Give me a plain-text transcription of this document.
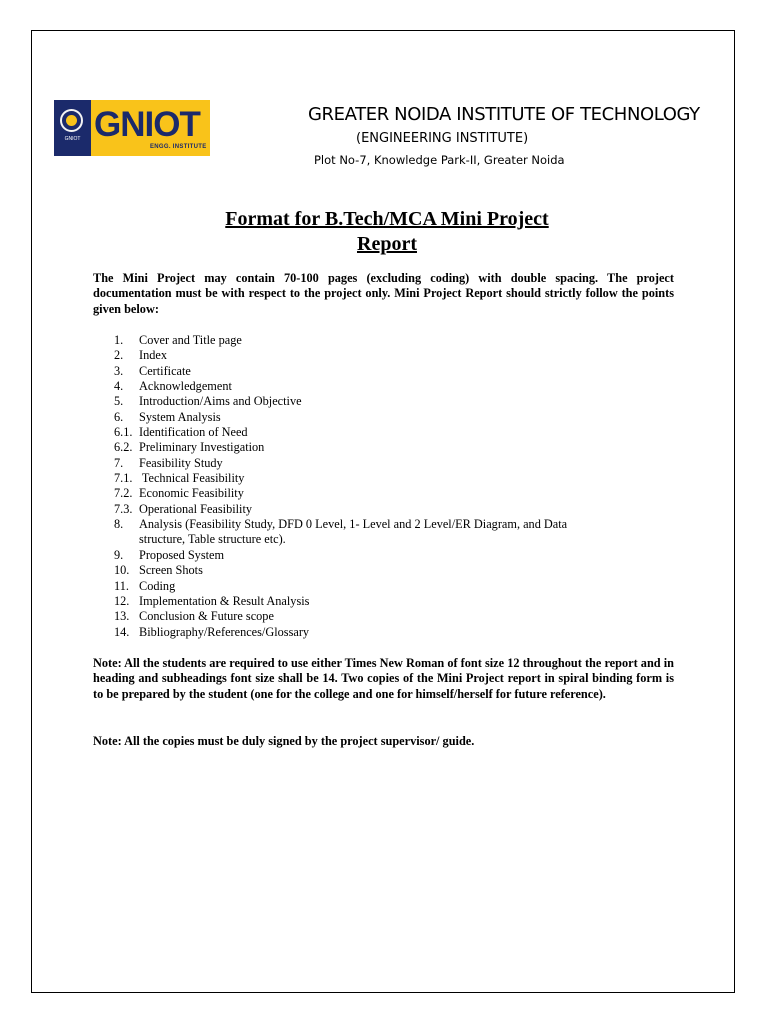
GNIOT GNIOT
ENGG. INSTITUTE
GREATER NOIDA INSTITUTE OF TECHNOLOGY
(ENGINEERING INSTITUTE)
Plot No-7, Knowledge Park-II, Greater Noida
Format for B.Tech/MCA Mini Project
Report
The Mini Project may contain 70-100 pages (excluding coding) with double spacing. The project documentation must be with respect to the project only. Mini Project Report should strictly follow the points given below:
1. Cover and Title page
2. Index
3. Certificate
4. Acknowledgement
5. Introduction/Aims and Objective
6. System Analysis
6.1. Identification of Need
6.2. Preliminary Investigation
7. Feasibility Study
7.1. Technical Feasibility
7.2. Economic Feasibility
7.3. Operational Feasibility
8. Analysis (Feasibility Study, DFD 0 Level, 1- Level and 2 Level/ER Diagram, and Data
structure, Table structure etc).
9. Proposed System
10. Screen Shots
11. Coding
12. Implementation & Result Analysis
13. Conclusion & Future scope
14. Bibliography/References/Glossary
Note: All the students are required to use either Times New Roman of font size 12 throughout the report and in heading and subheadings font size shall be 14. Two copies of the Mini Project report in spiral binding form is to be prepared by the student (one for the college and one for himself/herself for future reference).
Note: All the copies must be duly signed by the project supervisor/ guide.
